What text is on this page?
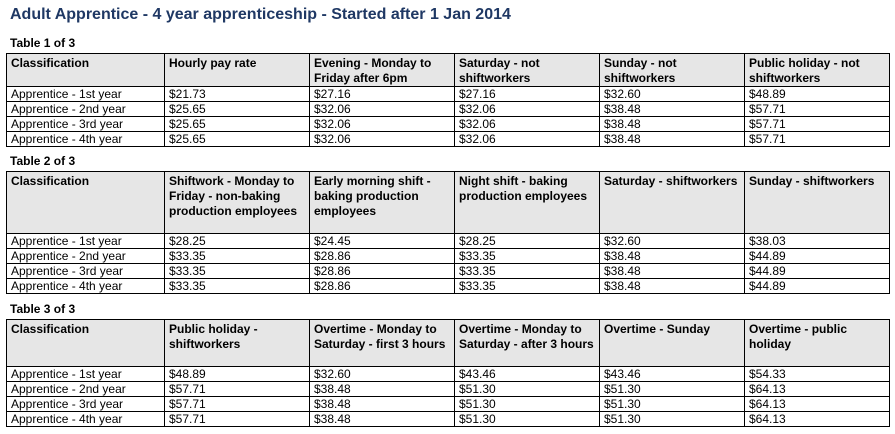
Adult Apprentice - 4 year apprenticeship - Started after 1 Jan 2014
Table 1 of 3
Classification	Hourly pay rate	Evening - Monday to Friday after 6pm	Saturday - not shiftworkers	Sunday - not shiftworkers	Public holiday - not shiftworkers
Apprentice - 1st year	$21.73	$27.16	$27.16	$32.60	$48.89
Apprentice - 2nd year	$25.65	$32.06	$32.06	$38.48	$57.71
Apprentice - 3rd year	$25.65	$32.06	$32.06	$38.48	$57.71
Apprentice - 4th year	$25.65	$32.06	$32.06	$38.48	$57.71
Table 2 of 3
Classification	Shiftwork - Monday to Friday - non-baking production employees	Early morning shift - baking production employees	Night shift - baking production employees	Saturday - shiftworkers	Sunday - shiftworkers
Apprentice - 1st year	$28.25	$24.45	$28.25	$32.60	$38.03
Apprentice - 2nd year	$33.35	$28.86	$33.35	$38.48	$44.89
Apprentice - 3rd year	$33.35	$28.86	$33.35	$38.48	$44.89
Apprentice - 4th year	$33.35	$28.86	$33.35	$38.48	$44.89
Table 3 of 3
Classification	Public holiday - shiftworkers	Overtime - Monday to Saturday - first 3 hours	Overtime - Monday to Saturday - after 3 hours	Overtime - Sunday	Overtime - public holiday
Apprentice - 1st year	$48.89	$32.60	$43.46	$43.46	$54.33
Apprentice - 2nd year	$57.71	$38.48	$51.30	$51.30	$64.13
Apprentice - 3rd year	$57.71	$38.48	$51.30	$51.30	$64.13
Apprentice - 4th year	$57.71	$38.48	$51.30	$51.30	$64.13
